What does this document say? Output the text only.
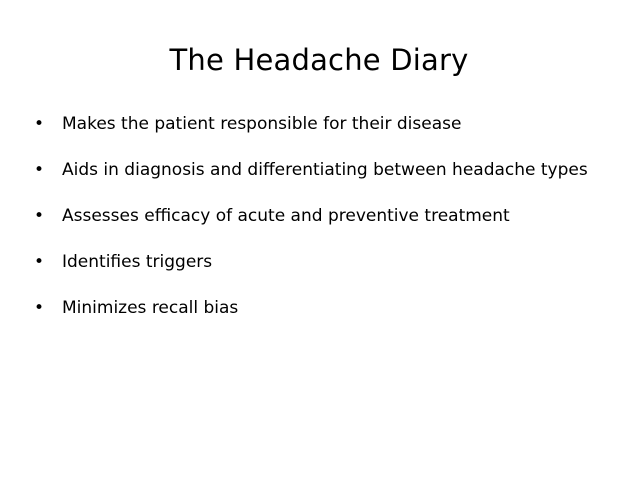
The Headache Diary
•	Makes the patient responsible for their disease
•	Aids in diagnosis and differentiating between headache types
•	Assesses efficacy of acute and preventive treatment
•	Identifies triggers
•	Minimizes recall bias
